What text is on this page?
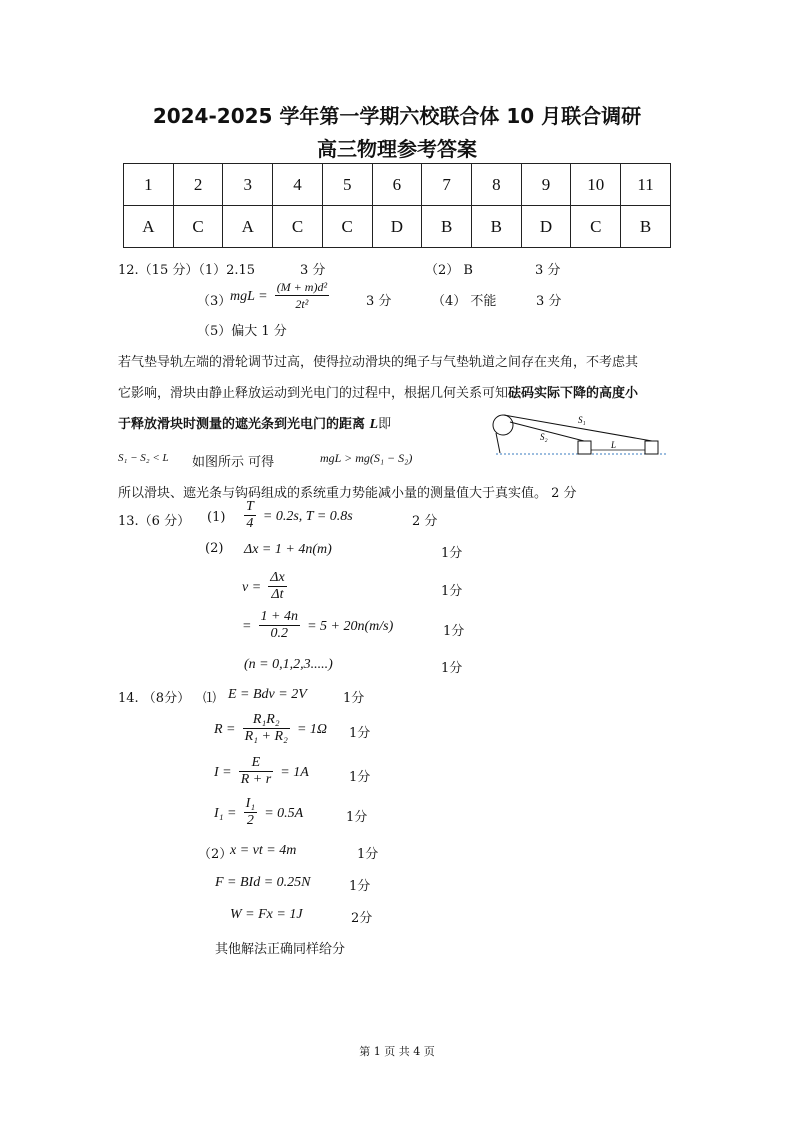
2024-2025 学年第一学期六校联合体 10 月联合调研
高三物理参考答案
1	2	3	4	5	6	7	8	9	10	11
A	C	A	C	C	D	B	B	D	C	B
12.（15 分）（1）2.15	3 分	（2） B	3 分
（3）
mgL = $\frac{\text{(M + m)d²}}{\text{2t²}}$	3 分	（4） 不能	3 分
（5）偏大 1 分
若气垫导轨左端的滑轮调节过高，使得拉动滑块的绳子与气垫轨道之间存在夹角，不考虑其
它影响，滑块由静止释放运动到光电门的过程中，根据几何关系可知砝码实际下降的高度小
于释放滑块时测量的遮光条到光电门的距离 L即
S₁ − S₂ < L 如图所示 可得	mgL > mg(S₁ − S₂)
S₁
S₂
L
所以滑块、遮光条与钩码组成的系统重力势能减小量的测量值大于真实值。 2 分
13.（6 分） $(1) \frac{T}{4} = 0.2s$, T = 0.8s	2 分
(2) Δx = 1 + 4n(m)	1分
$v = \frac{\Delta x}{\Delta t}$	1分
= $\frac{1 + 4n}{0.2} = 5 + 20n(m/s)$	1分
(n = 0,1,2,3.....)	1分
14. （8分） ⑴ E = Bdv = 2V	1分
$R = \frac{\text{R₁R₂}}{\text{R₁ + R₂}} = 1\Omega$ 1分
$I = \frac{E}{R + r} = 1A$	1分
$I_1 = \frac{\text{I₁}}{2} = 0.5A$	1分
（2）
x = vt = 4m	1分
F = BId = 0.25N	1分
W = Fx = 1J	2分
其他解法正确同样给分
第 1 页 共 4 页
